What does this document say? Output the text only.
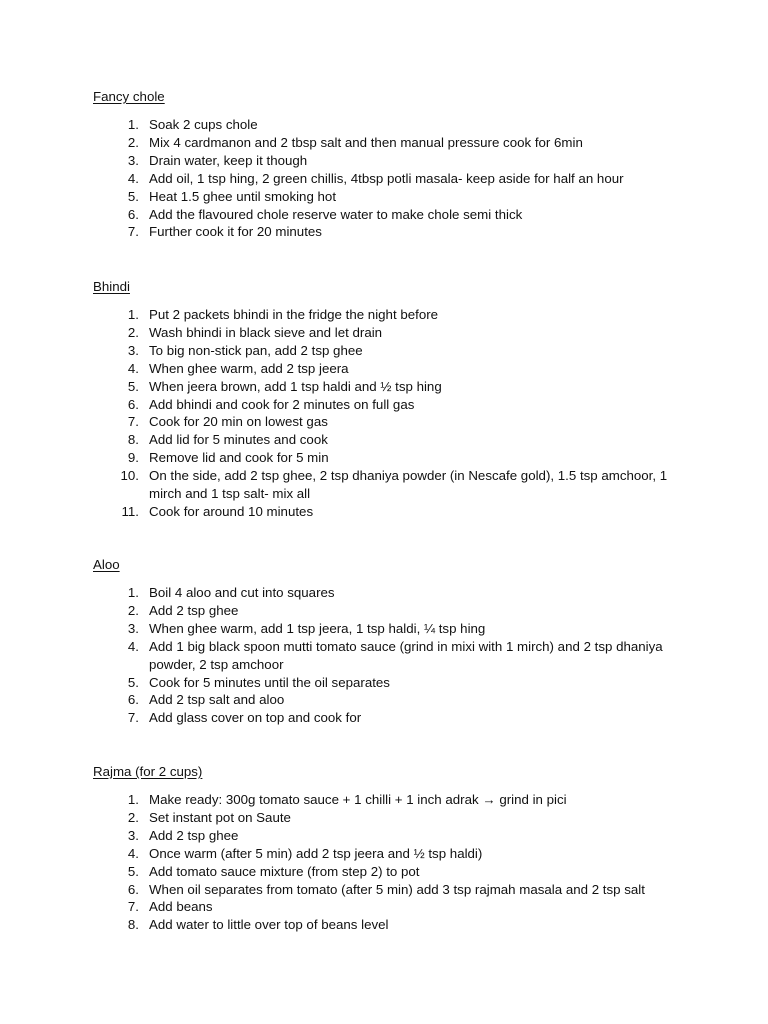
Fancy chole

1. Soak 2 cups chole
2. Mix 4 cardmanon and 2 tbsp salt and then manual pressure cook for 6min
3. Drain water, keep it though
4. Add oil, 1 tsp hing, 2 green chillis, 4tbsp potli masala- keep aside for half an hour
5. Heat 1.5 ghee until smoking hot
6. Add the flavoured chole reserve water to make chole semi thick
7. Further cook it for 20 minutes

Bhindi

1. Put 2 packets bhindi in the fridge the night before
2. Wash bhindi in black sieve and let drain
3. To big non-stick pan, add 2 tsp ghee
4. When ghee warm, add 2 tsp jeera
5. When jeera brown, add 1 tsp haldi and ½ tsp hing
6. Add bhindi and cook for 2 minutes on full gas
7. Cook for 20 min on lowest gas
8. Add lid for 5 minutes and cook
9. Remove lid and cook for 5 min
10. On the side, add 2 tsp ghee, 2 tsp dhaniya powder (in Nescafe gold), 1.5 tsp amchoor, 1 mirch and 1 tsp salt- mix all
11. Cook for around 10 minutes

Aloo

1. Boil 4 aloo and cut into squares
2. Add 2 tsp ghee
3. When ghee warm, add 1 tsp jeera, 1 tsp haldi, ¼ tsp hing
4. Add 1 big black spoon mutti tomato sauce (grind in mixi with 1 mirch) and 2 tsp dhaniya powder, 2 tsp amchoor
5. Cook for 5 minutes until the oil separates
6. Add 2 tsp salt and aloo
7. Add glass cover on top and cook for

Rajma (for 2 cups)

1. Make ready: 300g tomato sauce + 1 chilli + 1 inch adrak → grind in pici
2. Set instant pot on Saute
3. Add 2 tsp ghee
4. Once warm (after 5 min) add 2 tsp jeera and ½ tsp haldi)
5. Add tomato sauce mixture (from step 2) to pot
6. When oil separates from tomato (after 5 min) add 3 tsp rajmah masala and 2 tsp salt
7. Add beans
8. Add water to little over top of beans level
